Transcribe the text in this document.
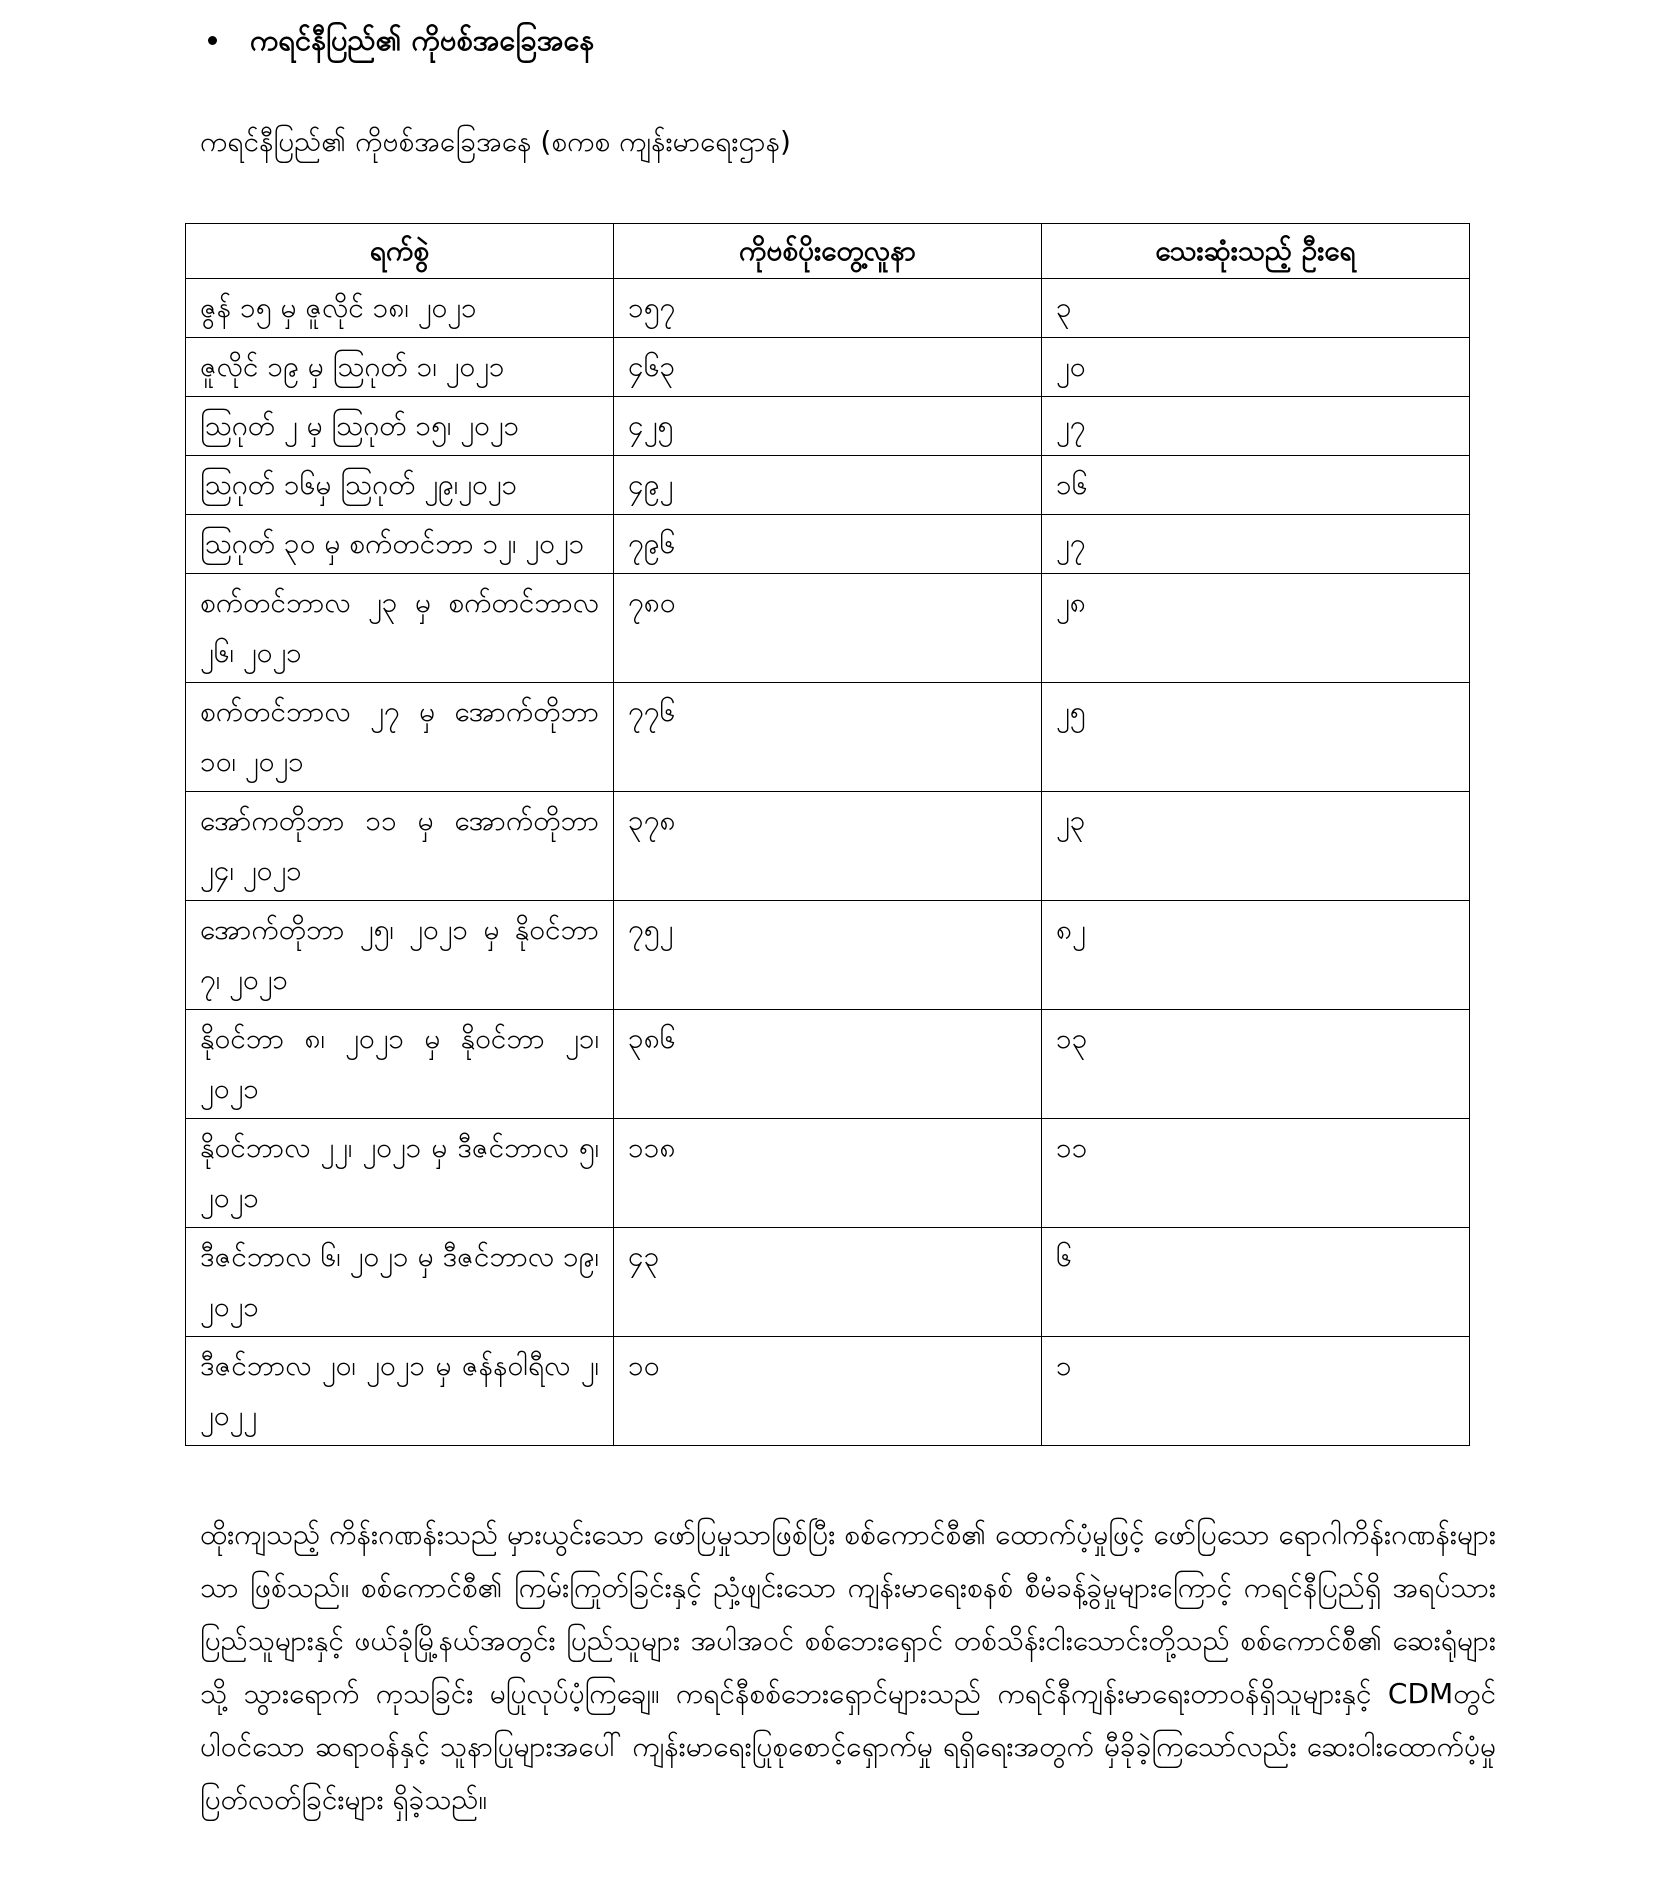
ကရင်နီပြည်၏ ကိုဗစ်အခြေအနေ
ကရင်နီပြည်၏ ကိုဗစ်အခြေအနေ (စကစ ကျန်းမာရေးဌာန)
ရက်စွဲ	ကိုဗစ်ပိုးတွေ့လူနာ	သေးဆုံးသည့် ဦးရေ
ဇွန် ၁၅ မှ ဇူလိုင် ၁၈၊ ၂၀၂၁	၁၅၇	၃
ဇူလိုင် ၁၉ မှ သြဂုတ် ၁၊ ၂၀၂၁	၄၆၃	၂၀
သြဂုတ် ၂ မှ သြဂုတ် ၁၅၊ ၂၀၂၁	၄၂၅	၂၇
သြဂုတ် ၁၆မှ သြဂုတ် ၂၉၊၂၀၂၁	၄၉၂	၁၆
သြဂုတ် ၃၀ မှ စက်တင်ဘာ ၁၂၊ ၂၀၂၁	၇၉၆	၂၇
စက်တင်ဘာလ ၂၃ မှ စက်တင်ဘာလ ၂၆၊ ၂၀၂၁	၇၈၀	၂၈
စက်တင်ဘာလ ၂၇ မှ အောက်တိုဘာ ၁၀၊ ၂၀၂၁	၇၇၆	၂၅
အော်ကတိုဘာ ၁၁ မှ အောက်တိုဘာ ၂၄၊ ၂၀၂၁	၃၇၈	၂၃
အောက်တိုဘာ ၂၅၊ ၂၀၂၁ မှ နိုဝင်ဘာ ၇၊ ၂၀၂၁	၇၅၂	၈၂
နိုဝင်ဘာ ၈၊ ၂၀၂၁ မှ နိုဝင်ဘာ ၂၁၊ ၂၀၂၁	၃၈၆	၁၃
နိုဝင်ဘာလ ၂၂၊ ၂၀၂၁ မှ ဒီဇင်ဘာလ ၅၊ ၂၀၂၁	၁၁၈	၁၁
ဒီဇင်ဘာလ ၆၊ ၂၀၂၁ မှ ဒီဇင်ဘာလ ၁၉၊ ၂၀၂၁	၄၃	၆
ဒီဇင်ဘာလ ၂၀၊ ၂၀၂၁ မှ ဇန်နဝါရီလ ၂၊ ၂၀၂၂	၁၀	၁
ထိုးကျသည့် ကိန်းဂဏန်းသည် မှားယွင်းသော ဖော်ပြမှုသာဖြစ်ပြီး စစ်ကောင်စီ၏ ထောက်ပံ့မှုဖြင့် ဖော်ပြသော ရောဂါကိန်းဂဏန်းများသာ ဖြစ်သည်။ စစ်ကောင်စီ၏ ကြမ်းကြုတ်ခြင်းနှင့် ညှံ့ဖျင်းသော ကျန်းမာရေးစနစ် စီမံခန့်ခွဲမှုများကြောင့် ကရင်နီပြည်ရှိ အရပ်သားပြည်သူများနှင့် ဖယ်ခုံမြို့နယ်အတွင်း ပြည်သူများ အပါအဝင် စစ်ဘေးရှောင် တစ်သိန်းငါးသောင်းတို့သည် စစ်ကောင်စီ၏ ဆေးရုံများသို့ သွားရောက် ကုသခြင်း မပြုလုပ်ပံ့ကြချေ။ ကရင်နီစစ်ဘေးရှောင်များသည် ကရင်နီကျန်းမာရေးတာဝန်ရှိသူများနှင့် CDMတွင် ပါဝင်သော ဆရာဝန်နှင့် သူနာပြုများအပေါ် ကျန်းမာရေးပြုစုစောင့်ရှောက်မှု ရရှိရေးအတွက် မှီခိုခဲ့ကြသော်လည်း ဆေးဝါးထောက်ပံ့မှု ပြတ်လတ်ခြင်းများ ရှိခဲ့သည်။
